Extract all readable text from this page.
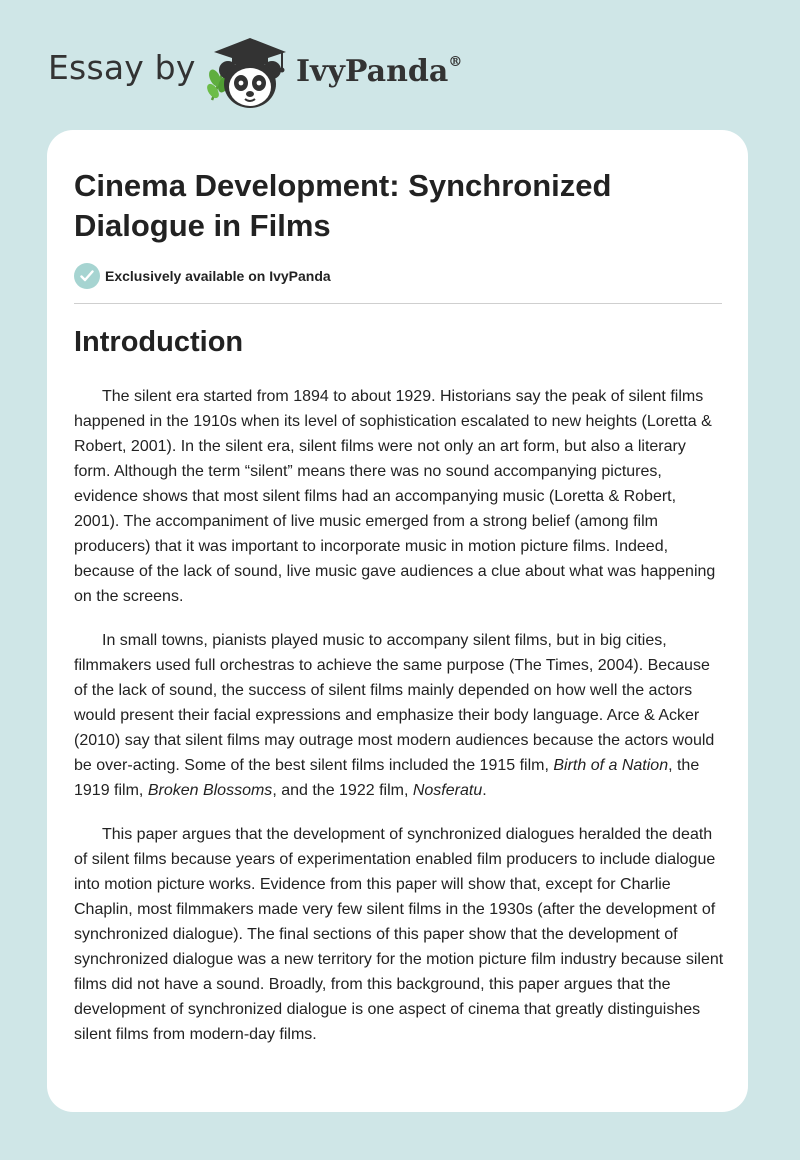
Essay by	IvyPanda®
Cinema Development: Synchronized Dialogue in Films
Exclusively available on IvyPanda
Introduction

The silent era started from 1894 to about 1929. Historians say the peak of silent films happened in the 1910s when its level of sophistication escalated to new heights (Loretta & Robert, 2001). In the silent era, silent films were not only an art form, but also a literary form. Although the term “silent” means there was no sound accompanying pictures, evidence shows that most silent films had an accompanying music (Loretta & Robert, 2001). The accompaniment of live music emerged from a strong belief (among film producers) that it was important to incorporate music in motion picture films. Indeed, because of the lack of sound, live music gave audiences a clue about what was happening on the screens.

In small towns, pianists played music to accompany silent films, but in big cities, filmmakers used full orchestras to achieve the same purpose (The Times, 2004). Because of the lack of sound, the success of silent films mainly depended on how well the actors would present their facial expressions and emphasize their body language. Arce & Acker (2010) say that silent films may outrage most modern audiences because the actors would be over-acting. Some of the best silent films included the 1915 film, Birth of a Nation, the 1919 film, Broken Blossoms, and the 1922 film, Nosferatu.

This paper argues that the development of synchronized dialogues heralded the death of silent films because years of experimentation enabled film producers to include dialogue into motion picture works. Evidence from this paper will show that, except for Charlie Chaplin, most filmmakers made very few silent films in the 1930s (after the development of synchronized dialogue). The final sections of this paper show that the development of synchronized dialogue was a new territory for the motion picture film industry because silent films did not have a sound. Broadly, from this background, this paper argues that the development of synchronized dialogue is one aspect of cinema that greatly distinguishes silent films from modern-day films.
